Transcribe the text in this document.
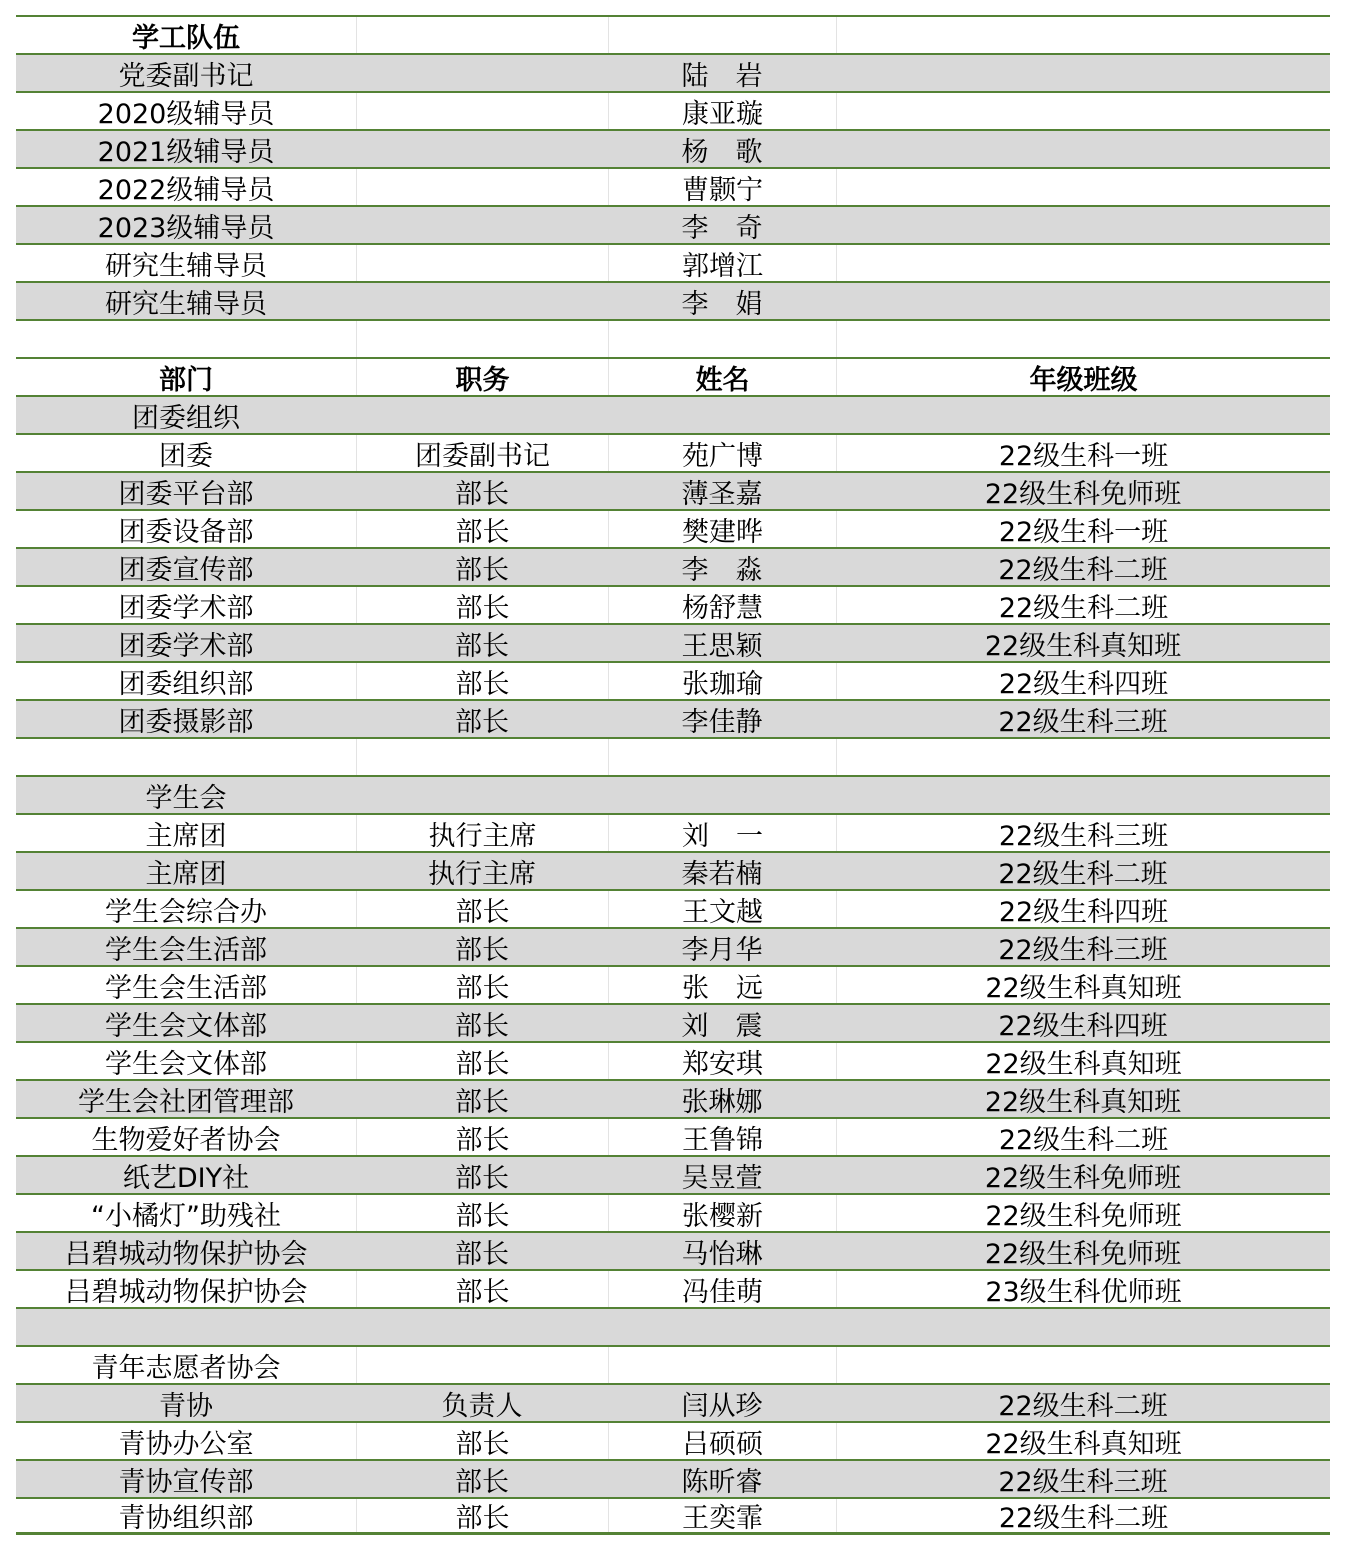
学工队伍
党委副书记	陆　岩
2020级辅导员	康亚璇
2021级辅导员	杨　歌
2022级辅导员	曹颢宁
2023级辅导员	李　奇
研究生辅导员	郭增江
研究生辅导员	李　娟
部门	职务	姓名	年级班级
团委组织
团委	团委副书记	苑广博	22级生科一班
团委平台部	部长	薄圣嘉	22级生科免师班
团委设备部	部长	樊建晔	22级生科一班
团委宣传部	部长	李　淼	22级生科二班
团委学术部	部长	杨舒慧	22级生科二班
团委学术部	部长	王思颖	22级生科真知班
团委组织部	部长	张珈瑜	22级生科四班
团委摄影部	部长	李佳静	22级生科三班
学生会
主席团	执行主席	刘　一	22级生科三班
主席团	执行主席	秦若楠	22级生科二班
学生会综合办	部长	王文越	22级生科四班
学生会生活部	部长	李月华	22级生科三班
学生会生活部	部长	张　远	22级生科真知班
学生会文体部	部长	刘　震	22级生科四班
学生会文体部	部长	郑安琪	22级生科真知班
学生会社团管理部	部长	张琳娜	22级生科真知班
生物爱好者协会	部长	王鲁锦	22级生科二班
纸艺DIY社	部长	吴昱萱	22级生科免师班
“小橘灯”助残社	部长	张樱新	22级生科免师班
吕碧城动物保护协会	部长	马怡琳	22级生科免师班
吕碧城动物保护协会	部长	冯佳萌	23级生科优师班
青年志愿者协会
青协	负责人	闫从珍	22级生科二班
青协办公室	部长	吕硕硕	22级生科真知班
青协宣传部	部长	陈昕睿	22级生科三班
青协组织部	部长	王奕霏	22级生科二班
